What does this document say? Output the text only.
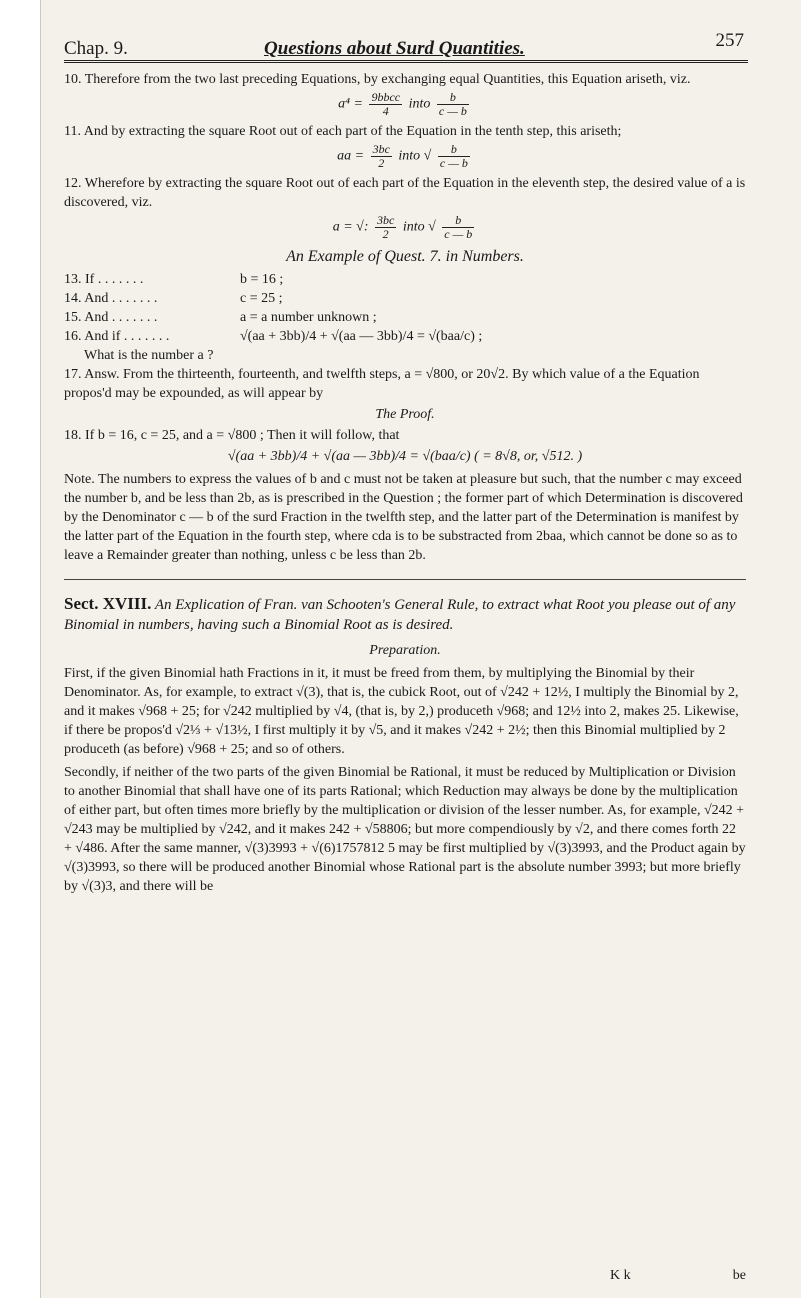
Chap. 9.	Questions about Surd Quantities.	257

10. Therefore from the two last preceding Equations, by exchanging equal Quantities, this Equation ariseth, viz.

$a^4 = \frac{\text{9bbcc}}{4}$ into $\frac{b}{c — b}$

11. And by extracting the square Root out of each part of the Equation in the tenth step, this ariseth;

aa = $\frac{3bc}{2}$ into √ $\frac{b}{c — b}$

12. Wherefore by extracting the square Root out of each part of the Equation in the eleventh step, the desired value of a is discovered, viz.

a = √: $\frac{3bc}{2}$ into √ $\frac{b}{c — b}$
An Example of Quest. 7. in Numbers.
13. If . . . . . . .	b = 16 ;
14. And . . . . . . .	c = 25 ;
15. And . . . . . . .	a = a number unknown ;
16. And if . . . . . . .	√(aa + 3bb)/4 + √(aa — 3bb)/4 = √(baa/c) ;

What is the number a ?

17. Answ. From the thirteenth, fourteenth, and twelfth steps, a = √800, or 20√2. By which value of a the Equation propos'd may be expounded, as will appear by

The Proof.

18. If b = 16, c = 25, and a = √800 ; Then it will follow, that

√(aa + 3bb)/4 + √(aa — 3bb)/4 = √(baa/c) ( = 8√8, or, √512. )

Note. The numbers to express the values of b and c must not be taken at pleasure but such, that the number c may exceed the number b, and be less than 2b, as is prescribed in the Question ; the former part of which Determination is discovered by the Denominator c — b of the surd Fraction in the twelfth step, and the latter part of the Determination is manifest by the latter part of the Equation in the fourth step, where cda is to be substracted from 2baa, which cannot be done so as to leave a Remainder greater than nothing, unless c be less than 2b.

Sect. XVIII. An Explication of Fran. van Schooten's General Rule, to extract what Root you please out of any Binomial in numbers, having such a Binomial Root as is desired.

Preparation.

First, if the given Binomial hath Fractions in it, it must be freed from them, by multiplying the Binomial by their Denominator. As, for example, to extract √(3), that is, the cubick Root, out of √242 + 12½, I multiply the Binomial by 2, and it makes √968 + 25; for √242 multiplied by √4, (that is, by 2,) produceth √968; and 12½ into 2, makes 25. Likewise, if there be propos'd √2⅓ + √13½, I first multiply it by √5, and it makes √242 + 2½; then this Binomial multiplied by 2 produceth (as before) √968 + 25; and so of others.

Secondly, if neither of the two parts of the given Binomial be Rational, it must be reduced by Multiplication or Division to another Binomial that shall have one of its parts Rational; which Reduction may always be done by the multiplication of either part, but often times more briefly by the multiplication or division of the lesser number. As, for example, √242 + √243 may be multiplied by √242, and it makes 242 + √58806; but more compendiously by √2, and there comes forth 22 + √486. After the same manner, √(3)3993 + √(6)1757812 5 may be first multiplied by √(3)3993, and the Product again by √(3)3993, so there will be produced another Binomial whose Rational part is the absolute number 3993; but more briefly by √(3)3, and there will be

K k	be
